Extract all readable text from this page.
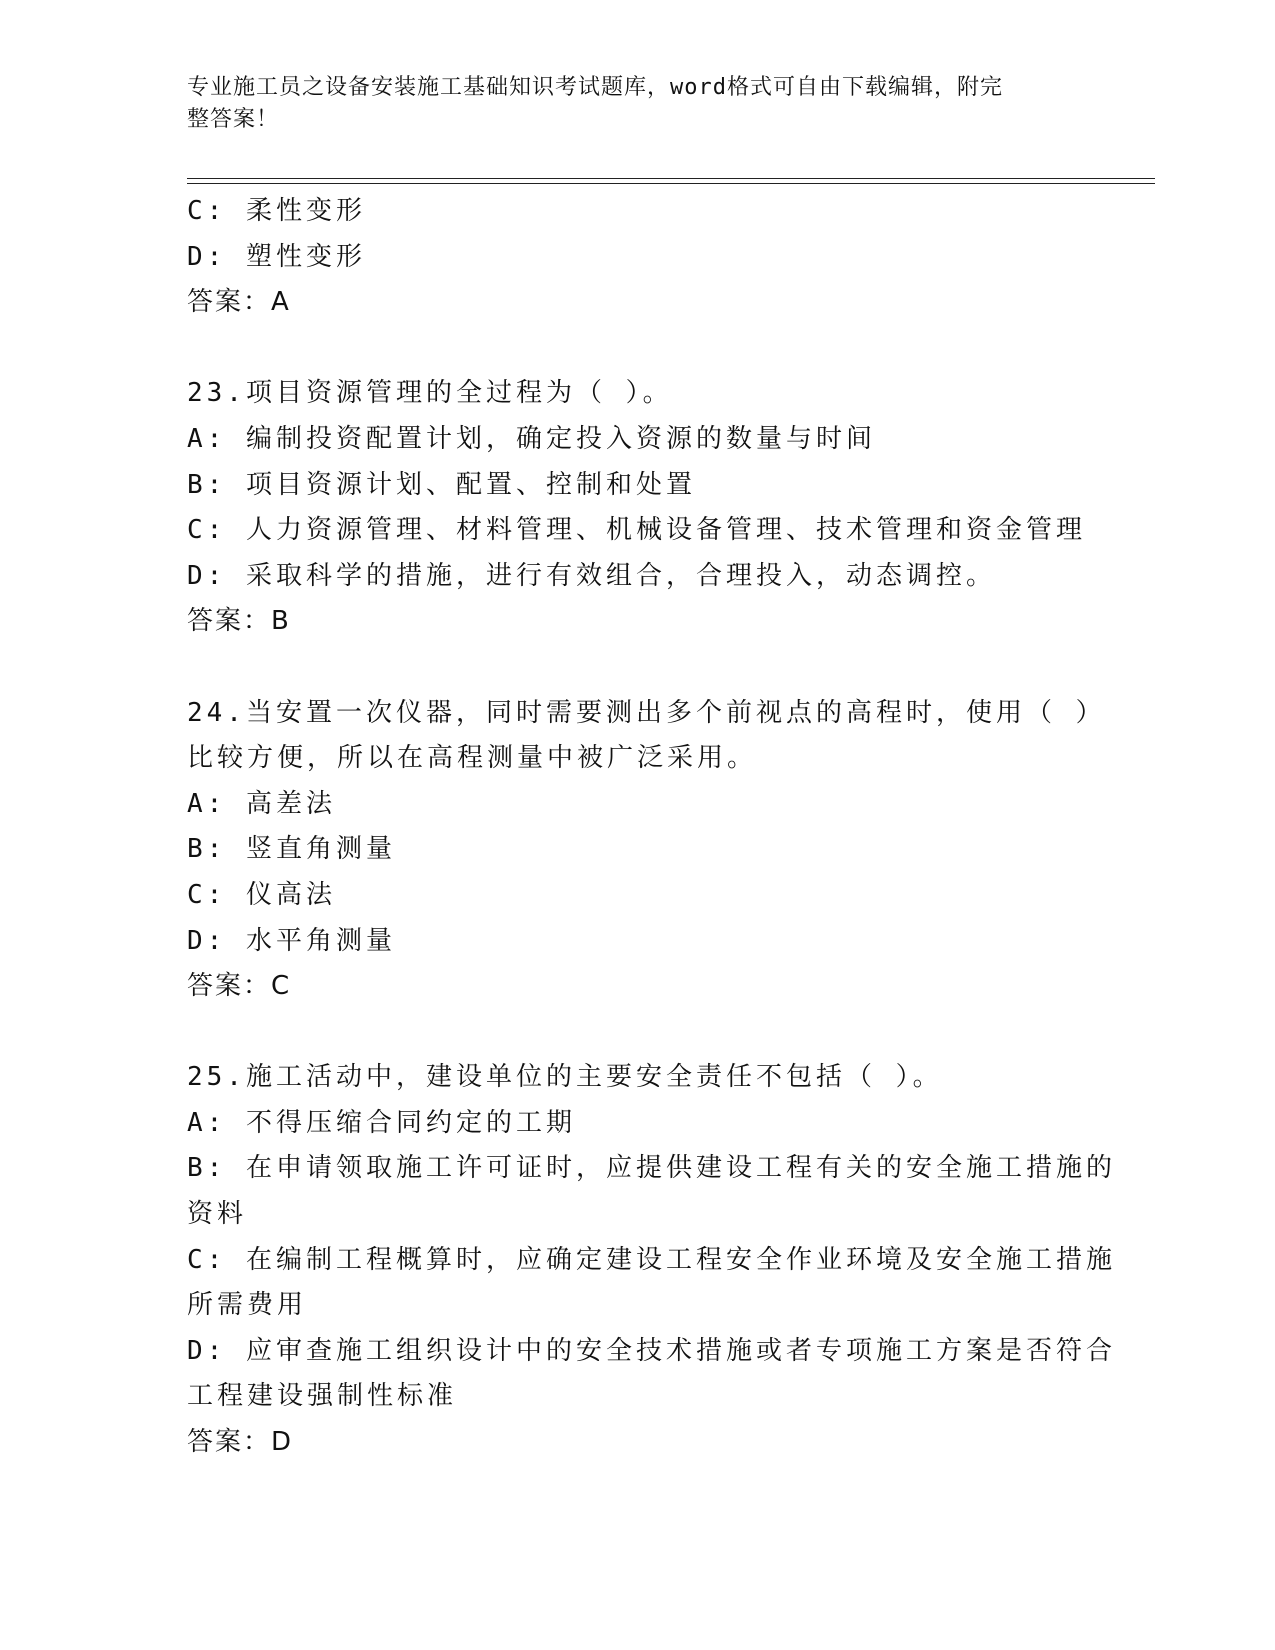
专业施工员之设备安装施工基础知识考试题库，word格式可自由下载编辑，附完
整答案！
C: 柔性变形
D: 塑性变形
答案：A
23.项目资源管理的全过程为（ ）。
A: 编制投资配置计划，确定投入资源的数量与时间
B: 项目资源计划、配置、控制和处置
C: 人力资源管理、材料管理、机械设备管理、技术管理和资金管理
D: 采取科学的措施，进行有效组合，合理投入，动态调控。
答案：B
24.当安置一次仪器，同时需要测出多个前视点的高程时，使用（ ）
比较方便，所以在高程测量中被广泛采用。
A: 高差法
B: 竖直角测量
C: 仪高法
D: 水平角测量
答案：C
25.施工活动中，建设单位的主要安全责任不包括（ ）。
A: 不得压缩合同约定的工期
B: 在申请领取施工许可证时，应提供建设工程有关的安全施工措施的
资料
C: 在编制工程概算时，应确定建设工程安全作业环境及安全施工措施
所需费用
D: 应审查施工组织设计中的安全技术措施或者专项施工方案是否符合
工程建设强制性标准
答案：D
